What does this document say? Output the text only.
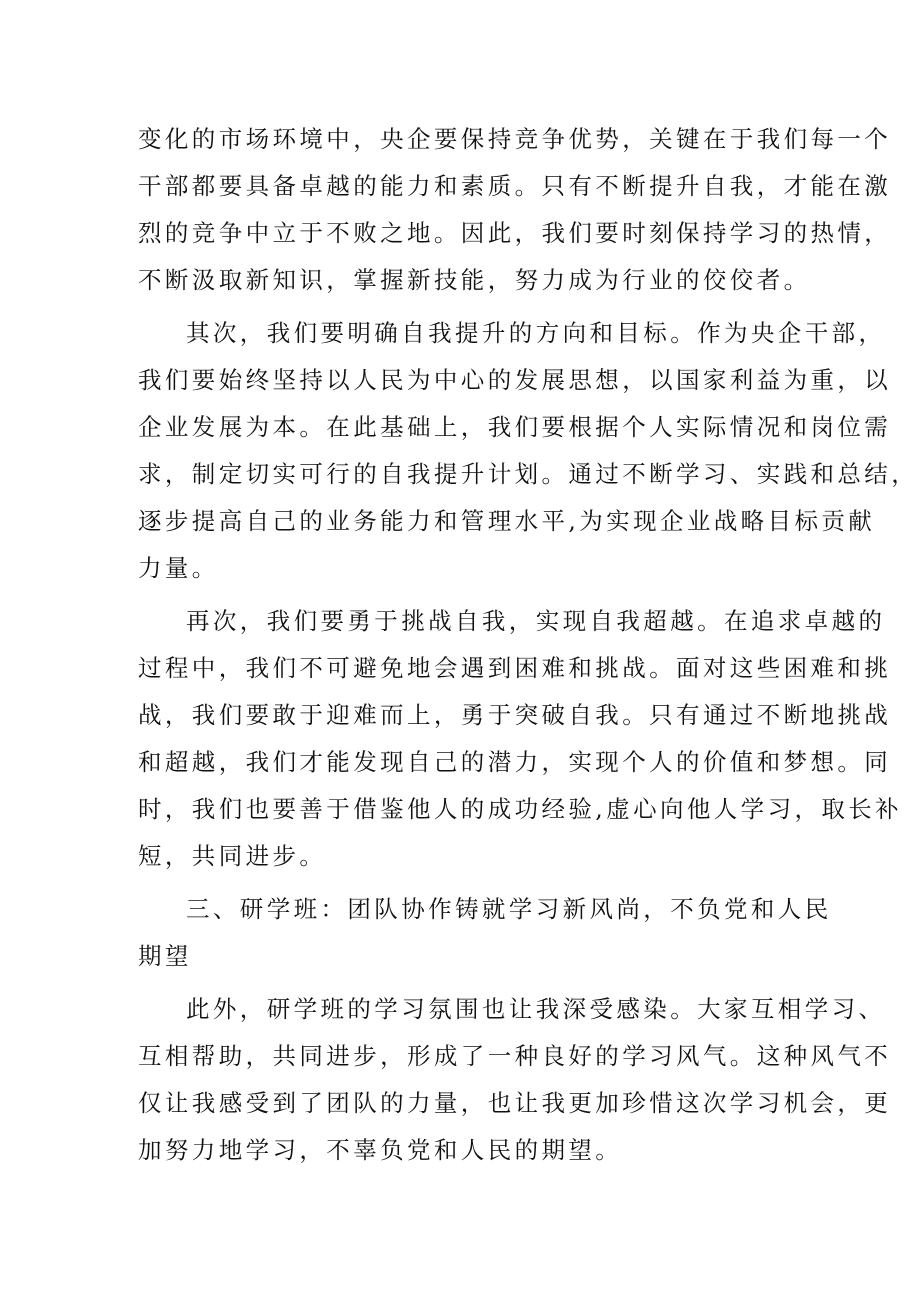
变化的市场环境中，央企要保持竞争优势，关键在于我们每一个
干部都要具备卓越的能力和素质。只有不断提升自我，才能在激
烈的竞争中立于不败之地。因此，我们要时刻保持学习的热情，
不断汲取新知识，掌握新技能，努力成为行业的佼佼者。

其次，我们要明确自我提升的方向和目标。作为央企干部，
我们要始终坚持以人民为中心的发展思想，以国家利益为重，以
企业发展为本。在此基础上，我们要根据个人实际情况和岗位需
求，制定切实可行的自我提升计划。通过不断学习、实践和总结，
逐步提高自己的业务能力和管理水平,为实现企业战略目标贡献
力量。

再次，我们要勇于挑战自我，实现自我超越。在追求卓越的
过程中，我们不可避免地会遇到困难和挑战。面对这些困难和挑
战，我们要敢于迎难而上，勇于突破自我。只有通过不断地挑战
和超越，我们才能发现自己的潜力，实现个人的价值和梦想。同
时，我们也要善于借鉴他人的成功经验,虚心向他人学习，取长补
短，共同进步。

三、研学班：团队协作铸就学习新风尚，不负党和人民
期望

此外，研学班的学习氛围也让我深受感染。大家互相学习、
互相帮助，共同进步，形成了一种良好的学习风气。这种风气不
仅让我感受到了团队的力量，也让我更加珍惜这次学习机会，更
加努力地学习，不辜负党和人民的期望。
